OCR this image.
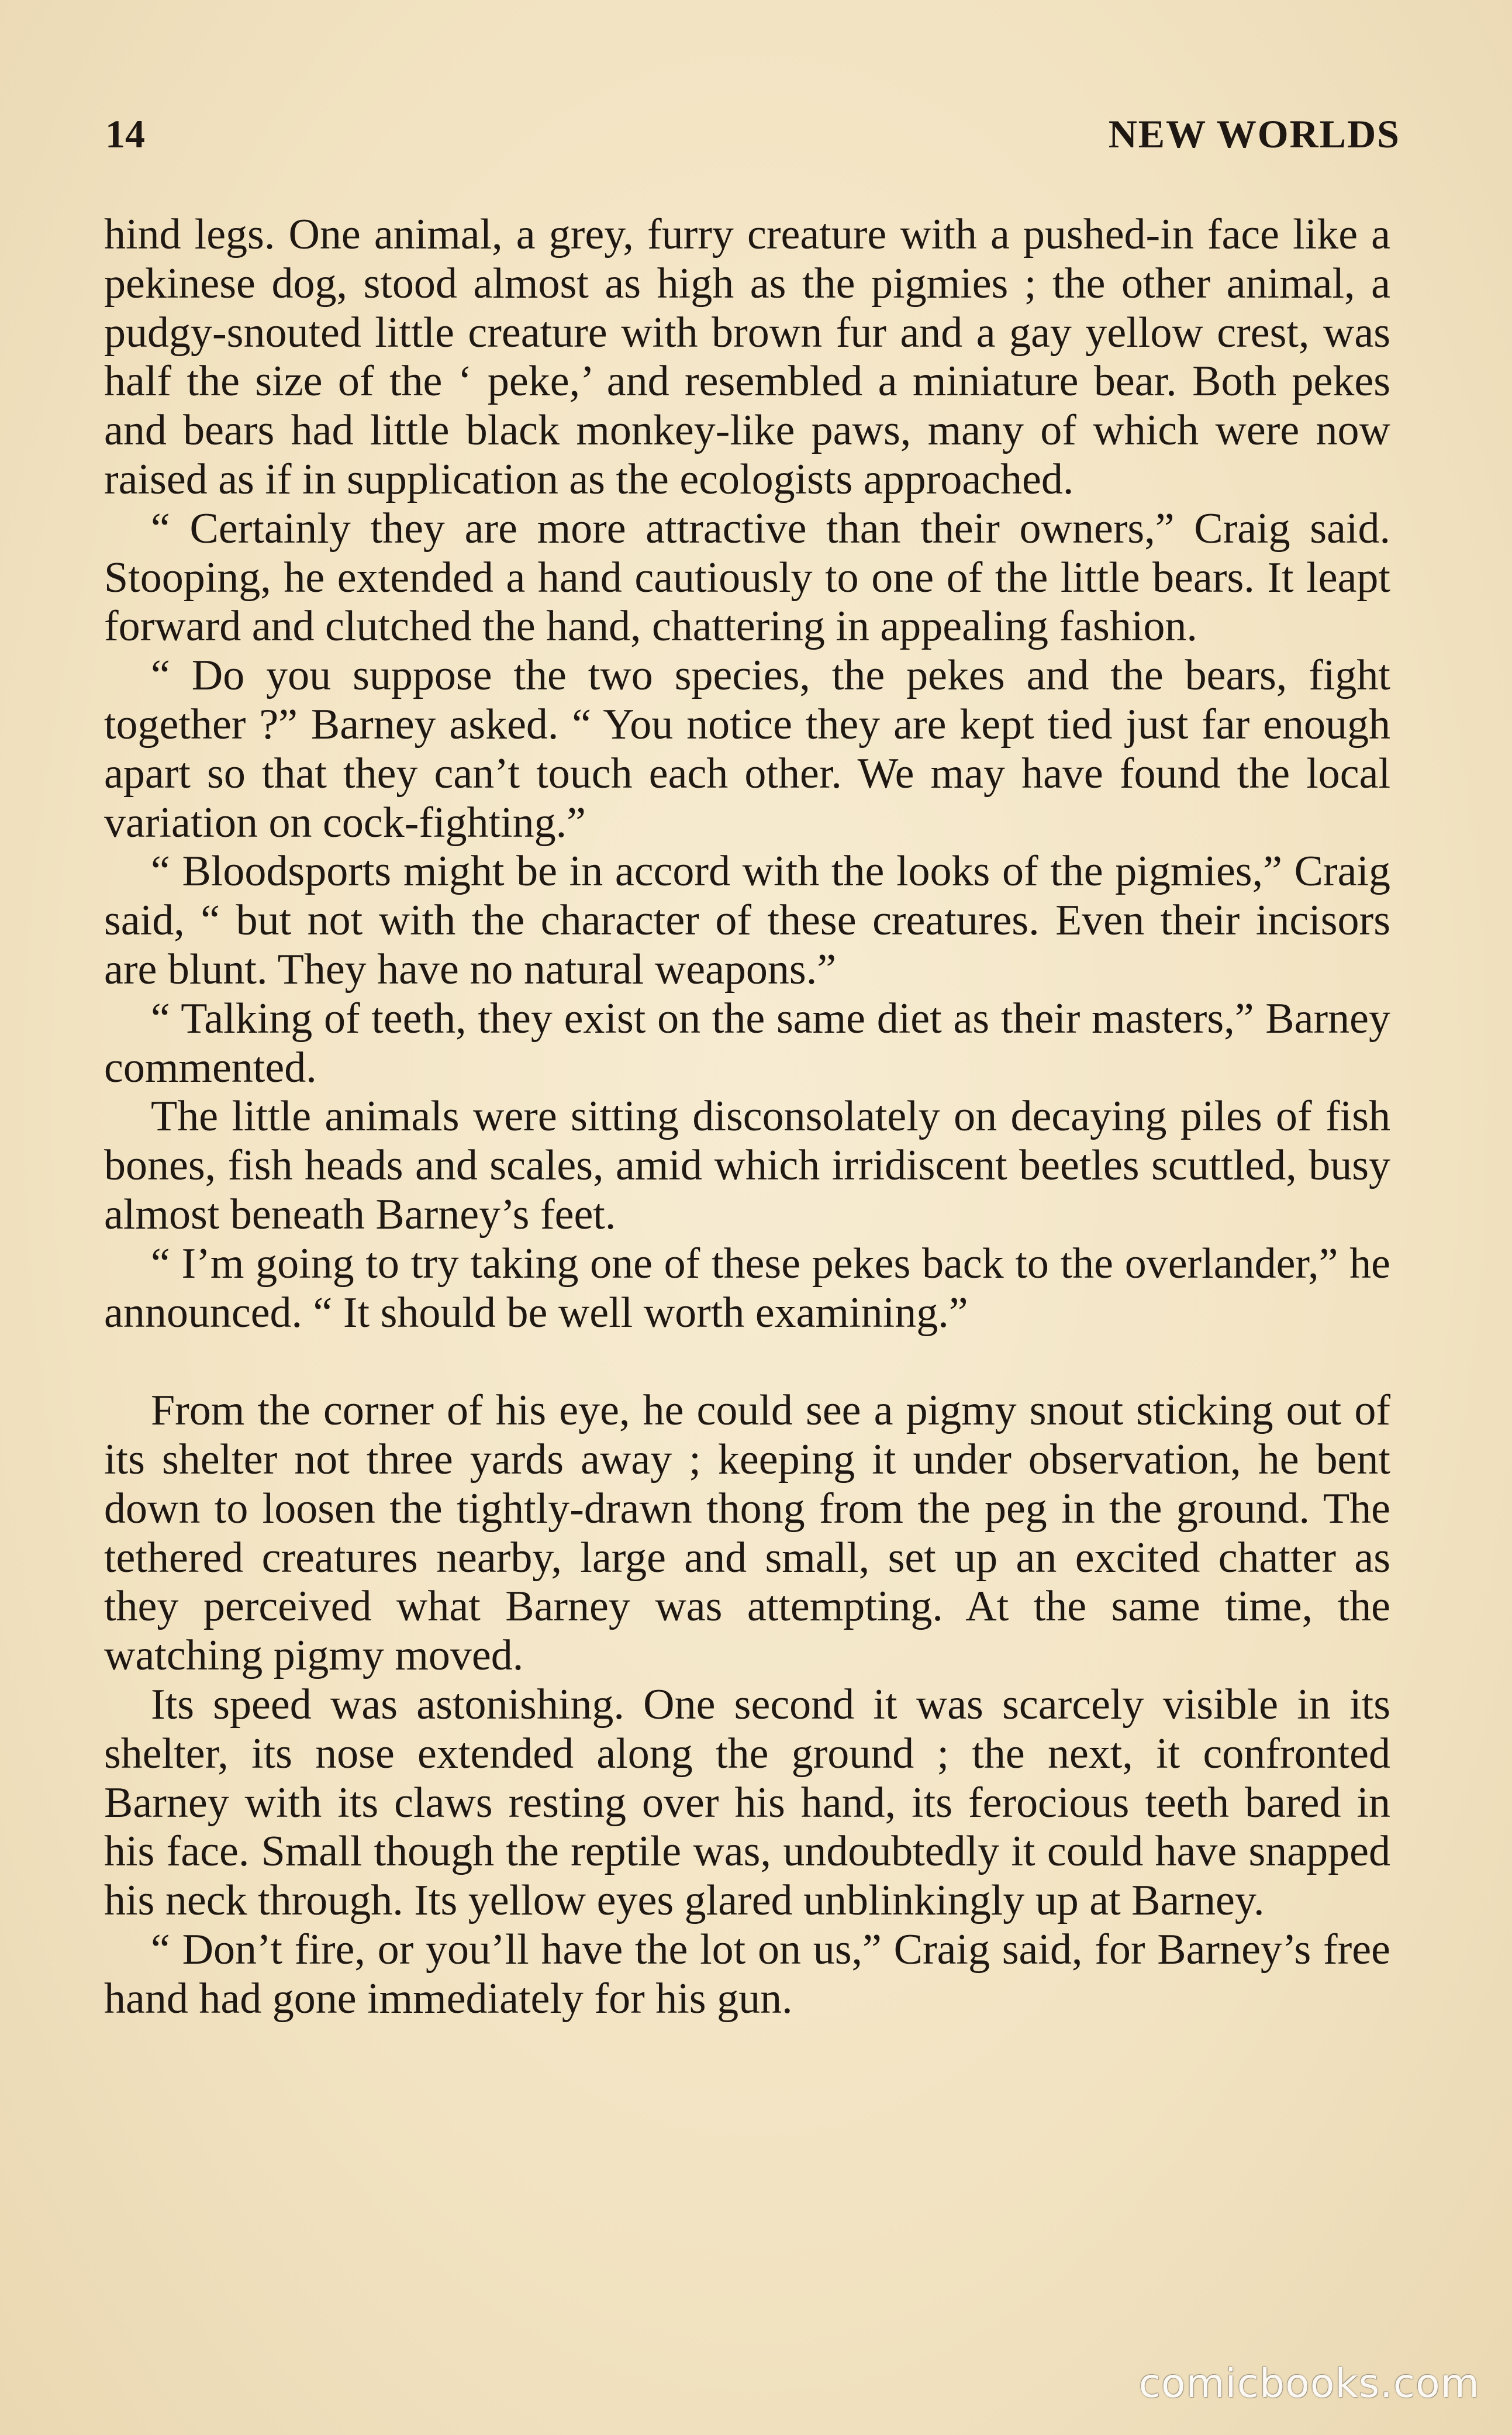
14	NEW WORLDS

hind legs. One animal, a grey, furry creature with a pushed-in face like a pekinese dog, stood almost as high as the pigmies ; the other animal, a pudgy-snouted little creature with brown fur and a gay yellow crest, was half the size of the ‘ peke,’ and resembled a miniature bear. Both pekes and bears had little black monkey-like paws, many of which were now raised as if in supplication as the ecologists approached.

“ Certainly they are more attractive than their owners,” Craig said. Stooping, he extended a hand cautiously to one of the little bears. It leapt forward and clutched the hand, chattering in appealing fashion.

“ Do you suppose the two species, the pekes and the bears, fight together ?” Barney asked. “ You notice they are kept tied just far enough apart so that they can’t touch each other. We may have found the local variation on cock-fighting.”

“ Bloodsports might be in accord with the looks of the pigmies,” Craig said, “ but not with the character of these creatures. Even their incisors are blunt. They have no natural weapons.”

“ Talking of teeth, they exist on the same diet as their masters,” Barney commented.

The little animals were sitting disconsolately on decaying piles of fish bones, fish heads and scales, amid which irridiscent beetles scuttled, busy almost beneath Barney’s feet.

“ I’m going to try taking one of these pekes back to the overlander,” he announced. “ It should be well worth examining.”

From the corner of his eye, he could see a pigmy snout sticking out of its shelter not three yards away ; keeping it under observation, he bent down to loosen the tightly-drawn thong from the peg in the ground. The tethered creatures nearby, large and small, set up an excited chatter as they perceived what Barney was attempting. At the same time, the watching pigmy moved.

Its speed was astonishing. One second it was scarcely visible in its shelter, its nose extended along the ground ; the next, it confronted Barney with its claws resting over his hand, its ferocious teeth bared in his face. Small though the reptile was, undoubtedly it could have snapped his neck through. Its yellow eyes glared unblinkingly up at Barney.

“ Don’t fire, or you’ll have the lot on us,” Craig said, for Barney’s free hand had gone immediately for his gun.

comicbooks.com
